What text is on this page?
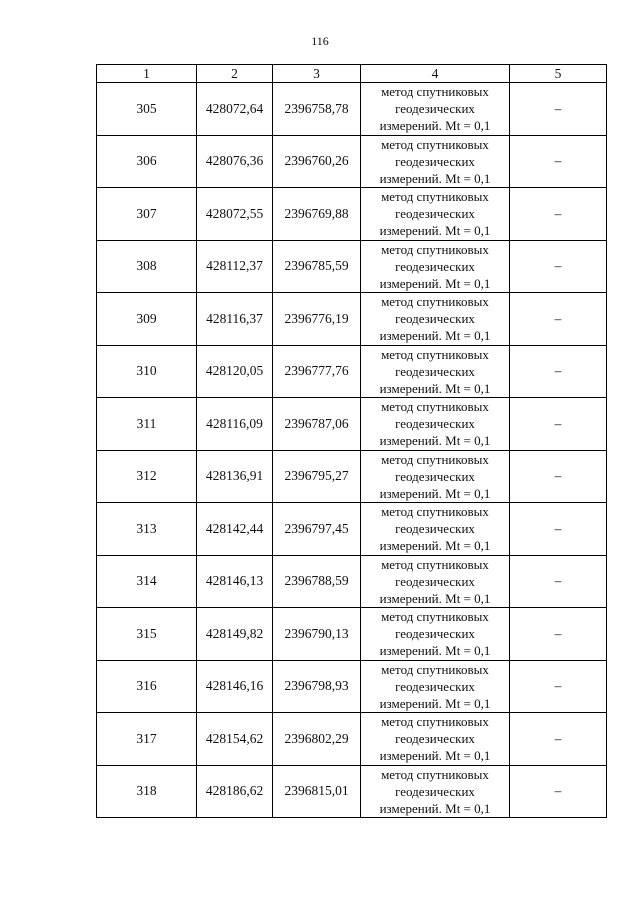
116
1	2	3	4	5
305	428072,64	2396758,78	метод спутниковых
геодезических
измерений. Mt = 0,1	–
306	428076,36	2396760,26	метод спутниковых
геодезических
измерений. Mt = 0,1	–
307	428072,55	2396769,88	метод спутниковых
геодезических
измерений. Mt = 0,1	–
308	428112,37	2396785,59	метод спутниковых
геодезических
измерений. Mt = 0,1	–
309	428116,37	2396776,19	метод спутниковых
геодезических
измерений. Mt = 0,1	–
310	428120,05	2396777,76	метод спутниковых
геодезических
измерений. Mt = 0,1	–
311	428116,09	2396787,06	метод спутниковых
геодезических
измерений. Mt = 0,1	–
312	428136,91	2396795,27	метод спутниковых
геодезических
измерений. Mt = 0,1	–
313	428142,44	2396797,45	метод спутниковых
геодезических
измерений. Mt = 0,1	–
314	428146,13	2396788,59	метод спутниковых
геодезических
измерений. Mt = 0,1	–
315	428149,82	2396790,13	метод спутниковых
геодезических
измерений. Mt = 0,1	–
316	428146,16	2396798,93	метод спутниковых
геодезических
измерений. Mt = 0,1	–
317	428154,62	2396802,29	метод спутниковых
геодезических
измерений. Mt = 0,1	–
318	428186,62	2396815,01	метод спутниковых
геодезических
измерений. Mt = 0,1	–
